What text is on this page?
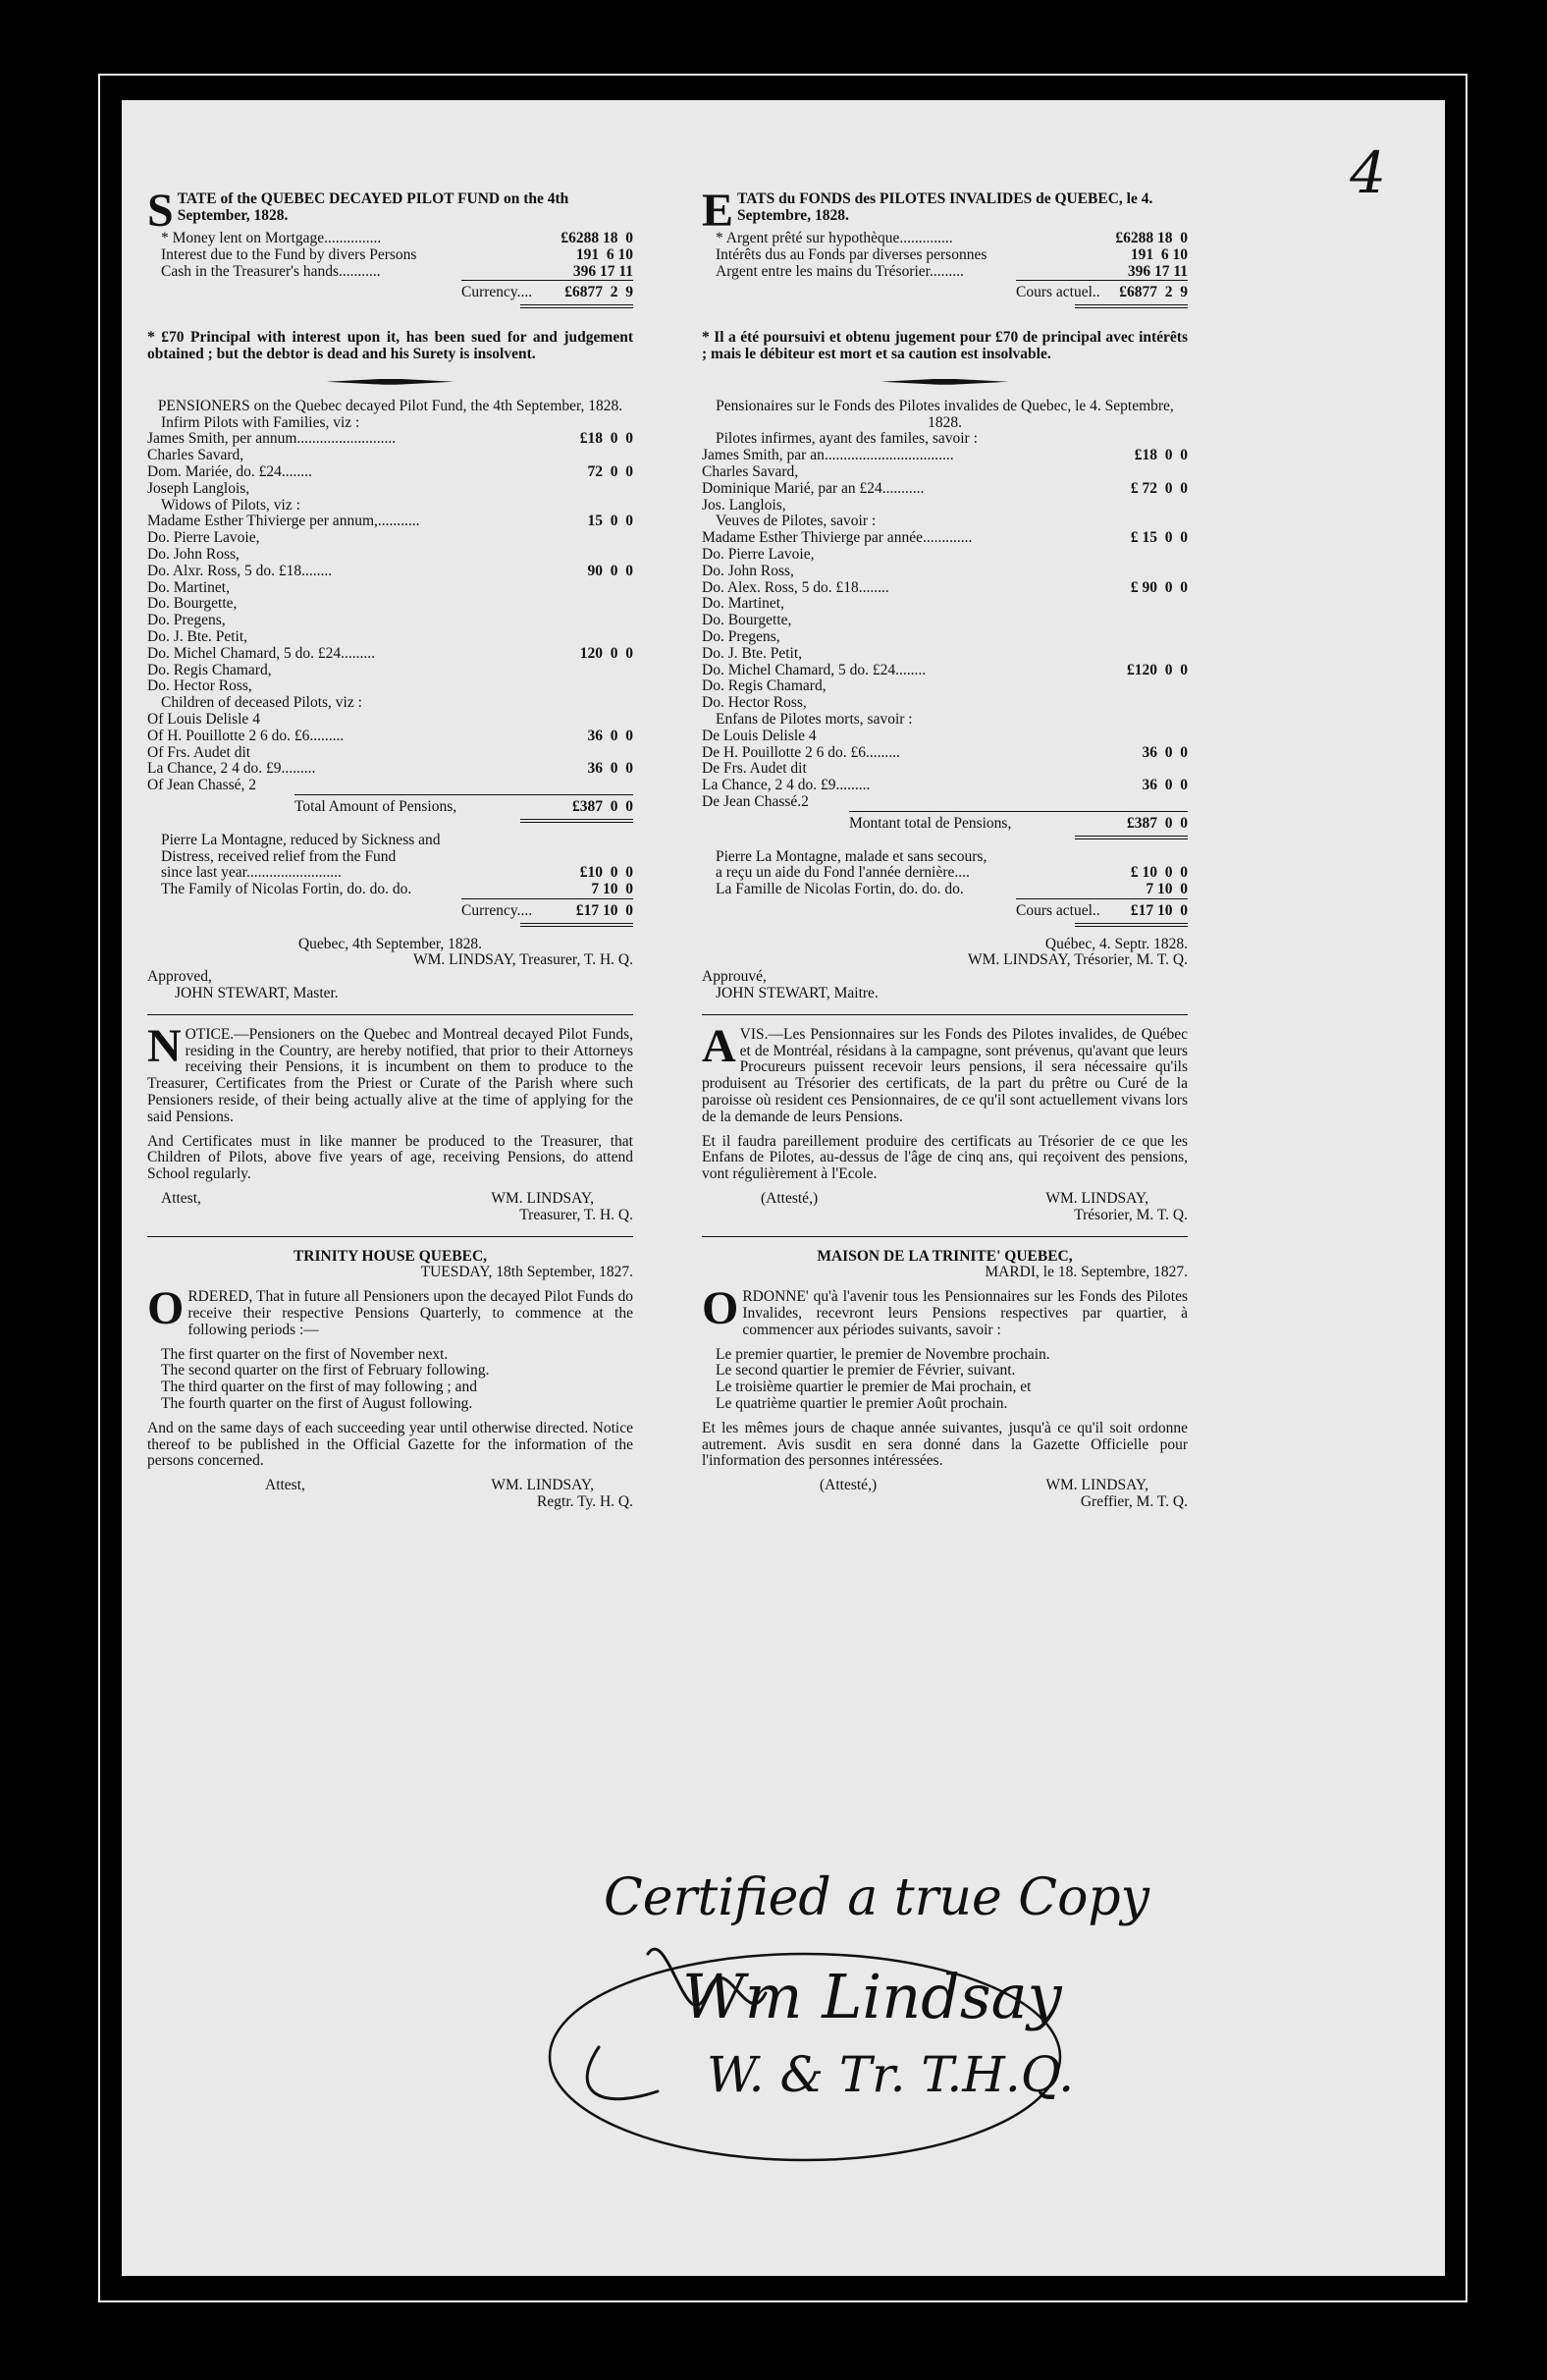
4
S TATE of the QUEBEC DECAYED PILOT FUND on the 4th September, 1828.
* Money lent on Mortgage...............	£6288 18  0
Interest due to the Fund by divers Persons	191  6 10
Cash in the Treasurer's hands...........	396 17 11
Currency.... £6877  2  9

* £70 Principal with interest upon it, has been sued for and judgement obtained ; but the debtor is dead and his Surety is insolvent.

PENSIONERS on the Quebec decayed Pilot Fund, the 4th September, 1828.

Infirm Pilots with Families, viz :

James Smith, per annum..........................	£18  0  0
Charles Savard,
Dom. Mariée, do. £24........	72  0  0
Joseph Langlois,

Widows of Pilots, viz :

Madame Esther Thivierge per annum,...........	15  0  0
Do. Pierre Lavoie,
Do. John Ross,
Do. Alxr. Ross, 5 do. £18........	90  0  0
Do. Martinet,
Do. Bourgette,
Do. Pregens,
Do. J. Bte. Petit,
Do. Michel Chamard, 5 do. £24.........	120  0  0
Do. Regis Chamard,
Do. Hector Ross,

Children of deceased Pilots, viz :

Of Louis Delisle 4
Of H. Pouillotte 2 6 do. £6.........	36  0  0
Of Frs. Audet dit
La Chance, 2 4 do. £9.........	36  0  0
Of Jean Chassé, 2
Total Amount of Pensions,	£387  0  0
Pierre La Montagne, reduced by Sickness and
Distress, received relief from the Fund
since last year.........................	£10  0  0
The Family of Nicolas Fortin, do. do. do.	7 10  0
Currency....	£17 10  0

Quebec, 4th September, 1828.

WM. LINDSAY, Treasurer, T. H. Q.

Approved,

JOHN STEWART, Master.

N OTICE.—Pensioners on the Quebec and Montreal decayed Pilot Funds, residing in the Country, are hereby notified, that prior to their Attorneys receiving their Pensions, it is incumbent on them to produce to the Treasurer, Certificates from the Priest or Curate of the Parish where such Pensioners reside, of their being actually alive at the time of applying for the said Pensions.

And Certificates must in like manner be produced to the Treasurer, that Children of Pilots, above five years of age, receiving Pensions, do attend School regularly.

Attest,	WM. LINDSAY,

Treasurer, T. H. Q.

TRINITY HOUSE QUEBEC,

TUESDAY, 18th September, 1827.

O RDERED, That in future all Pensioners upon the decayed Pilot Funds do receive their respective Pensions Quarterly, to commence at the following periods :—

The first quarter on the first of November next.

The second quarter on the first of February following.

The third quarter on the first of may following ; and

The fourth quarter on the first of August following.

And on the same days of each succeeding year until otherwise directed. Notice thereof to be published in the Official Gazette for the information of the persons concerned.

Attest,	WM. LINDSAY,

Regtr. Ty. H. Q.

E TATS du FONDS des PILOTES INVALIDES de QUEBEC, le 4. Septembre, 1828.
* Argent prêté sur hypothèque..............	£6288 18  0
Intérêts dus au Fonds par diverses personnes	191  6 10
Argent entre les mains du Trésorier.........	396 17 11
Cours actuel.. £6877  2  9

* Il a été poursuivi et obtenu jugement pour £70 de principal avec intérêts ; mais le débiteur est mort et sa caution est insolvable.

Pensionaires sur le Fonds des Pilotes invalides de Quebec, le 4. Septembre, 1828.

Pilotes infirmes, ayant des familes, savoir :

James Smith, par an..................................	£18  0  0
Charles Savard,
Dominique Marié, par an £24...........	£ 72  0  0
Jos. Langlois,

Veuves de Pilotes, savoir :

Madame Esther Thivierge par année.............	£ 15  0  0
Do. Pierre Lavoie,
Do. John Ross,
Do. Alex. Ross, 5 do. £18........	£ 90  0  0
Do. Martinet,
Do. Bourgette,
Do. Pregens,
Do. J. Bte. Petit,
Do. Michel Chamard, 5 do. £24........	£120  0  0
Do. Regis Chamard,
Do. Hector Ross,

Enfans de Pilotes morts, savoir :

De Louis Delisle 4
De H. Pouillotte 2 6 do. £6.........	36  0  0
De Frs. Audet dit
La Chance, 2 4 do. £9.........	36  0  0
De Jean Chassé.2
Montant total de Pensions,	£387  0  0
Pierre La Montagne, malade et sans secours,
a reçu un aide du Fond l'année dernière....	£ 10  0  0
La Famille de Nicolas Fortin, do. do. do.	7 10  0
Cours actuel.. £17 10  0

Québec, 4. Septr. 1828.

WM. LINDSAY, Trésorier, M. T. Q.

Approuvé,

JOHN STEWART, Maitre.

A VIS.—Les Pensionnaires sur les Fonds des Pilotes invalides, de Québec et de Montréal, résidans à la campagne, sont prévenus, qu'avant que leurs Procureurs puissent recevoir leurs pensions, il sera nécessaire qu'ils produisent au Trésorier des certificats, de la part du prêtre ou Curé de la paroisse où resident ces Pensionnaires, de ce qu'il sont actuellement vivans lors de la demande de leurs Pensions.

Et il faudra pareillement produire des certificats au Trésorier de ce que les Enfans de Pilotes, au-dessus de l'âge de cinq ans, qui reçoivent des pensions, vont régulièrement à l'Ecole.

(Attesté,)	WM. LINDSAY,

Trésorier, M. T. Q.

MAISON DE LA TRINITE' QUEBEC,

MARDI, le 18. Septembre, 1827.

O RDONNE' qu'à l'avenir tous les Pensionnaires sur les Fonds des Pilotes Invalides, recevront leurs Pensions respectives par quartier, à commencer aux périodes suivants, savoir :

Le premier quartier, le premier de Novembre prochain.

Le second quartier le premier de Février, suivant.

Le troisième quartier le premier de Mai prochain, et

Le quatrième quartier le premier Août prochain.

Et les mêmes jours de chaque année suivantes, jusqu'à ce qu'il soit ordonne autrement. Avis susdit en sera donné dans la Gazette Officielle pour l'information des personnes intéressées.

(Attesté,)	WM. LINDSAY,

Greffier, M. T. Q.

Certified a true Copy
Wm Lindsay
W. & Tr. T.H.Q.
